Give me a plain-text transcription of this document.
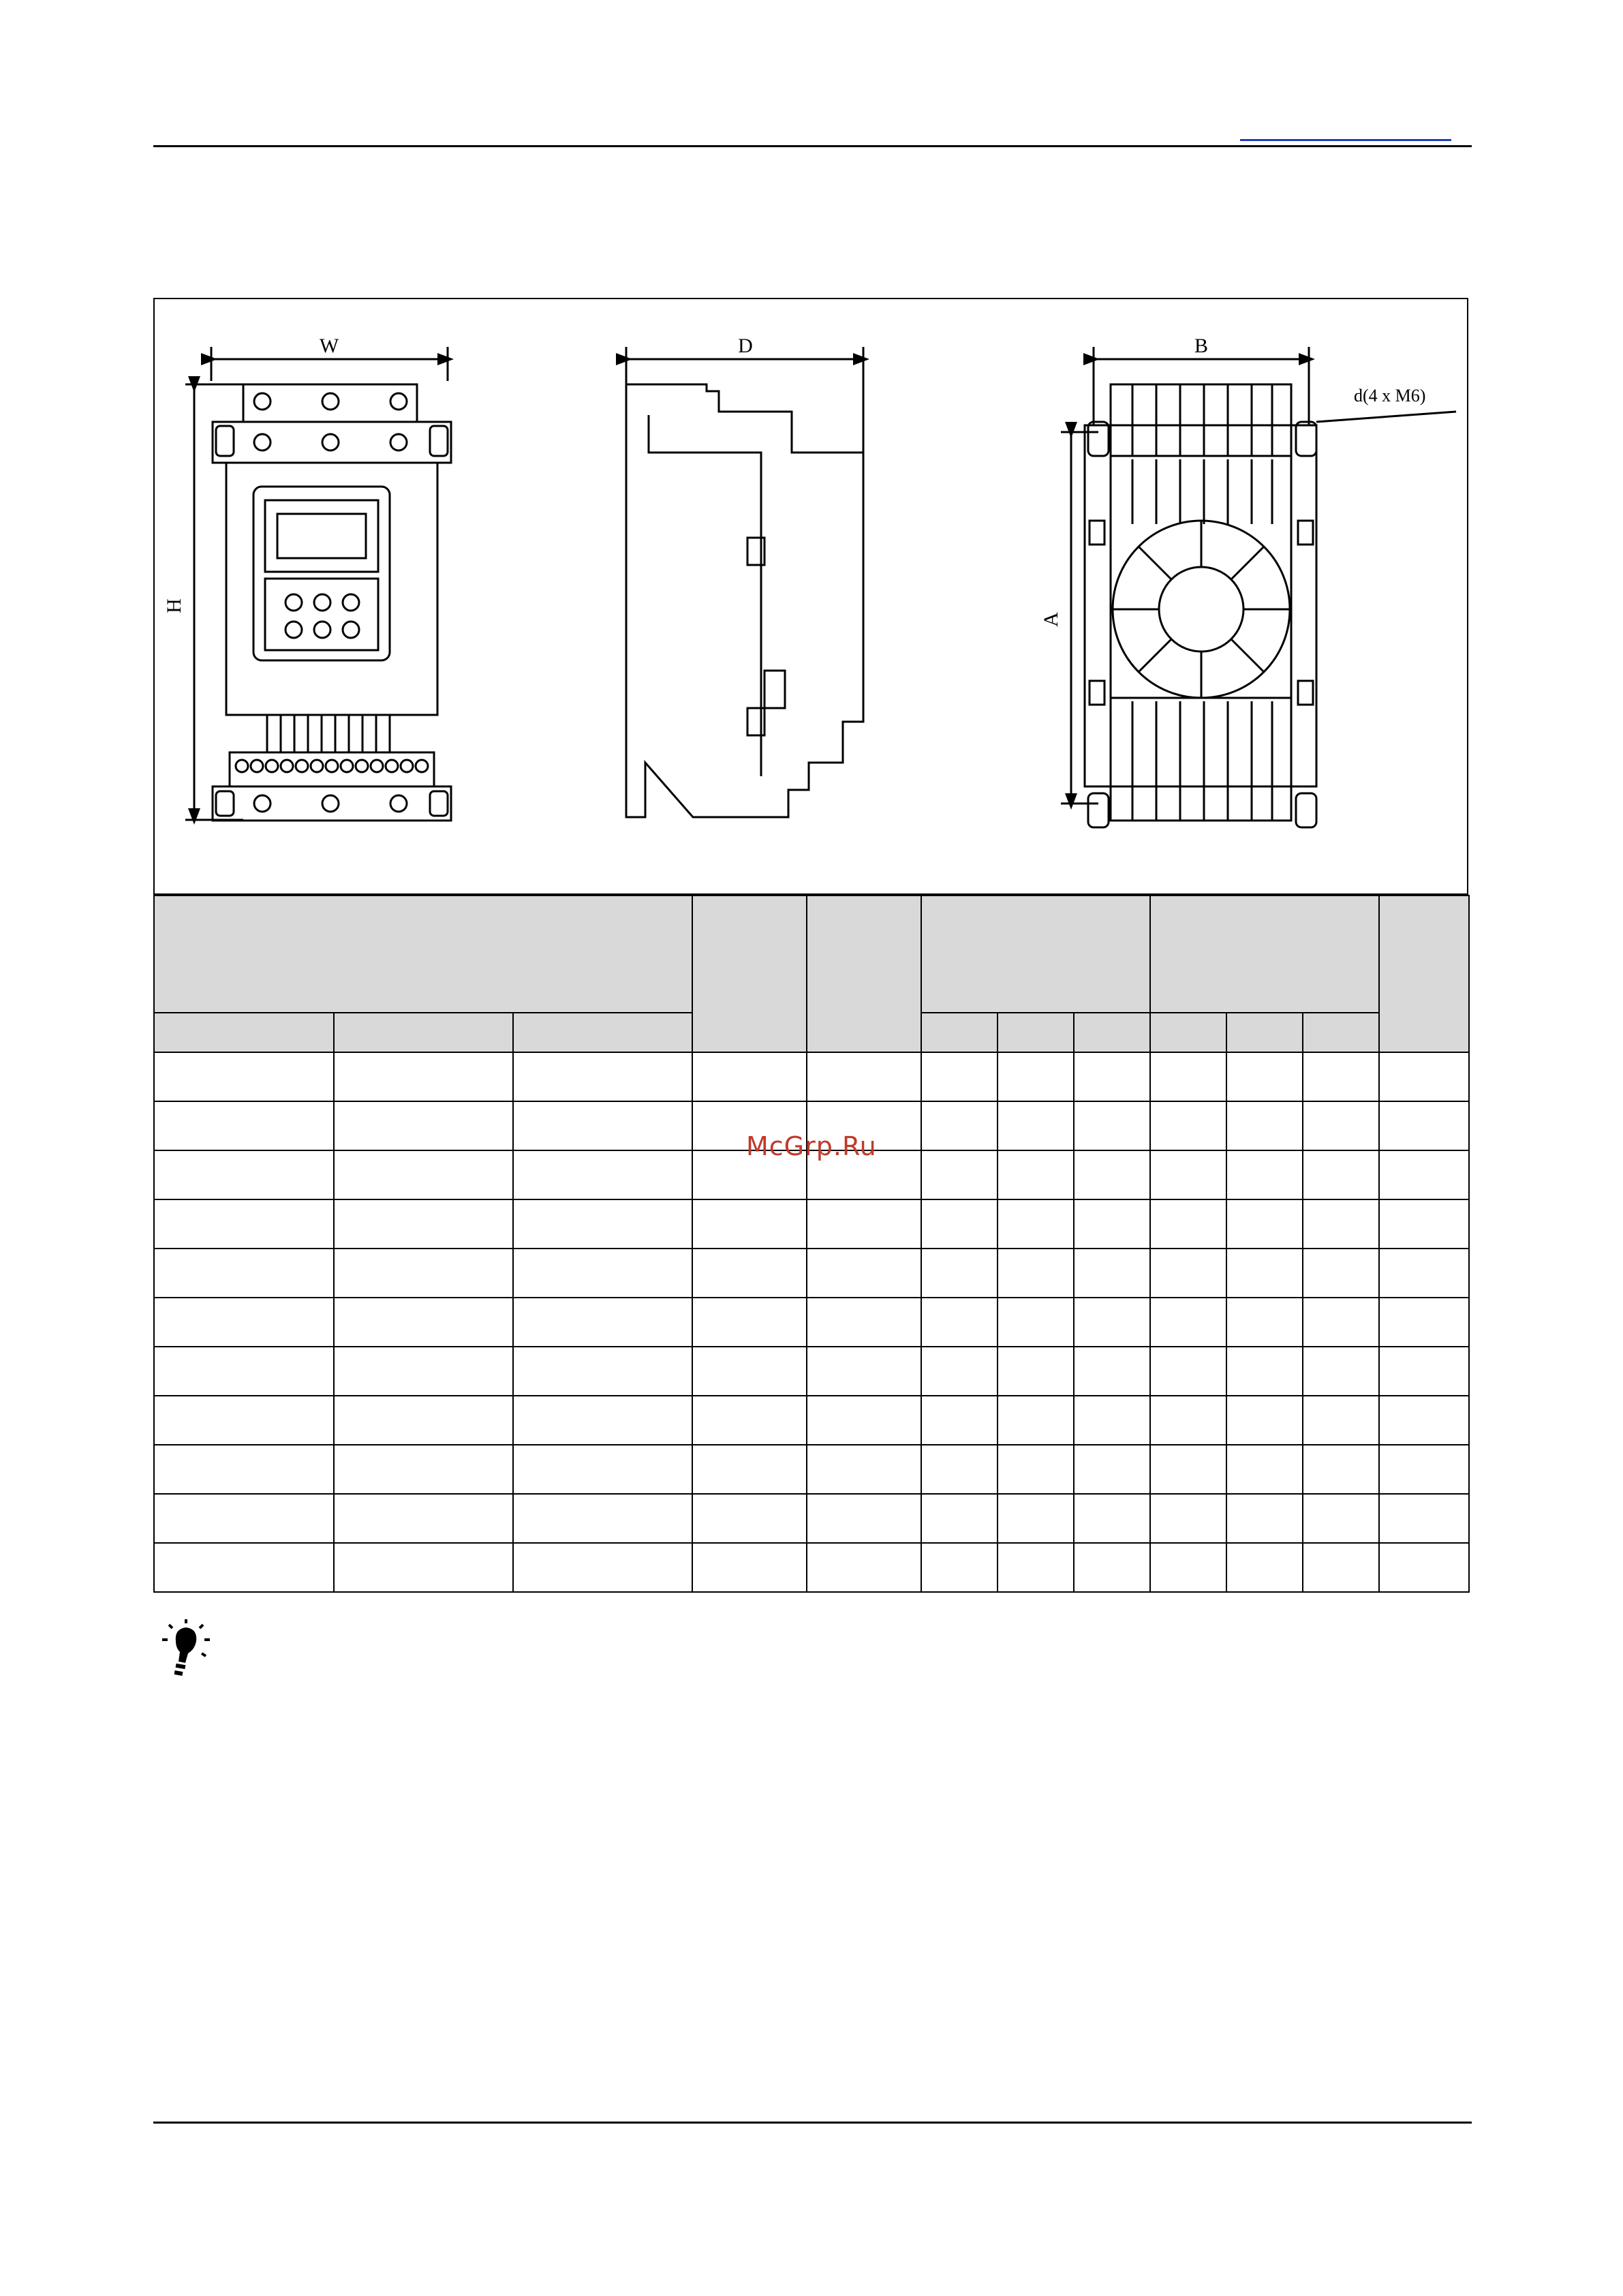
W
H
D	B
A
d(4 x M6)

McGrp.Ru
